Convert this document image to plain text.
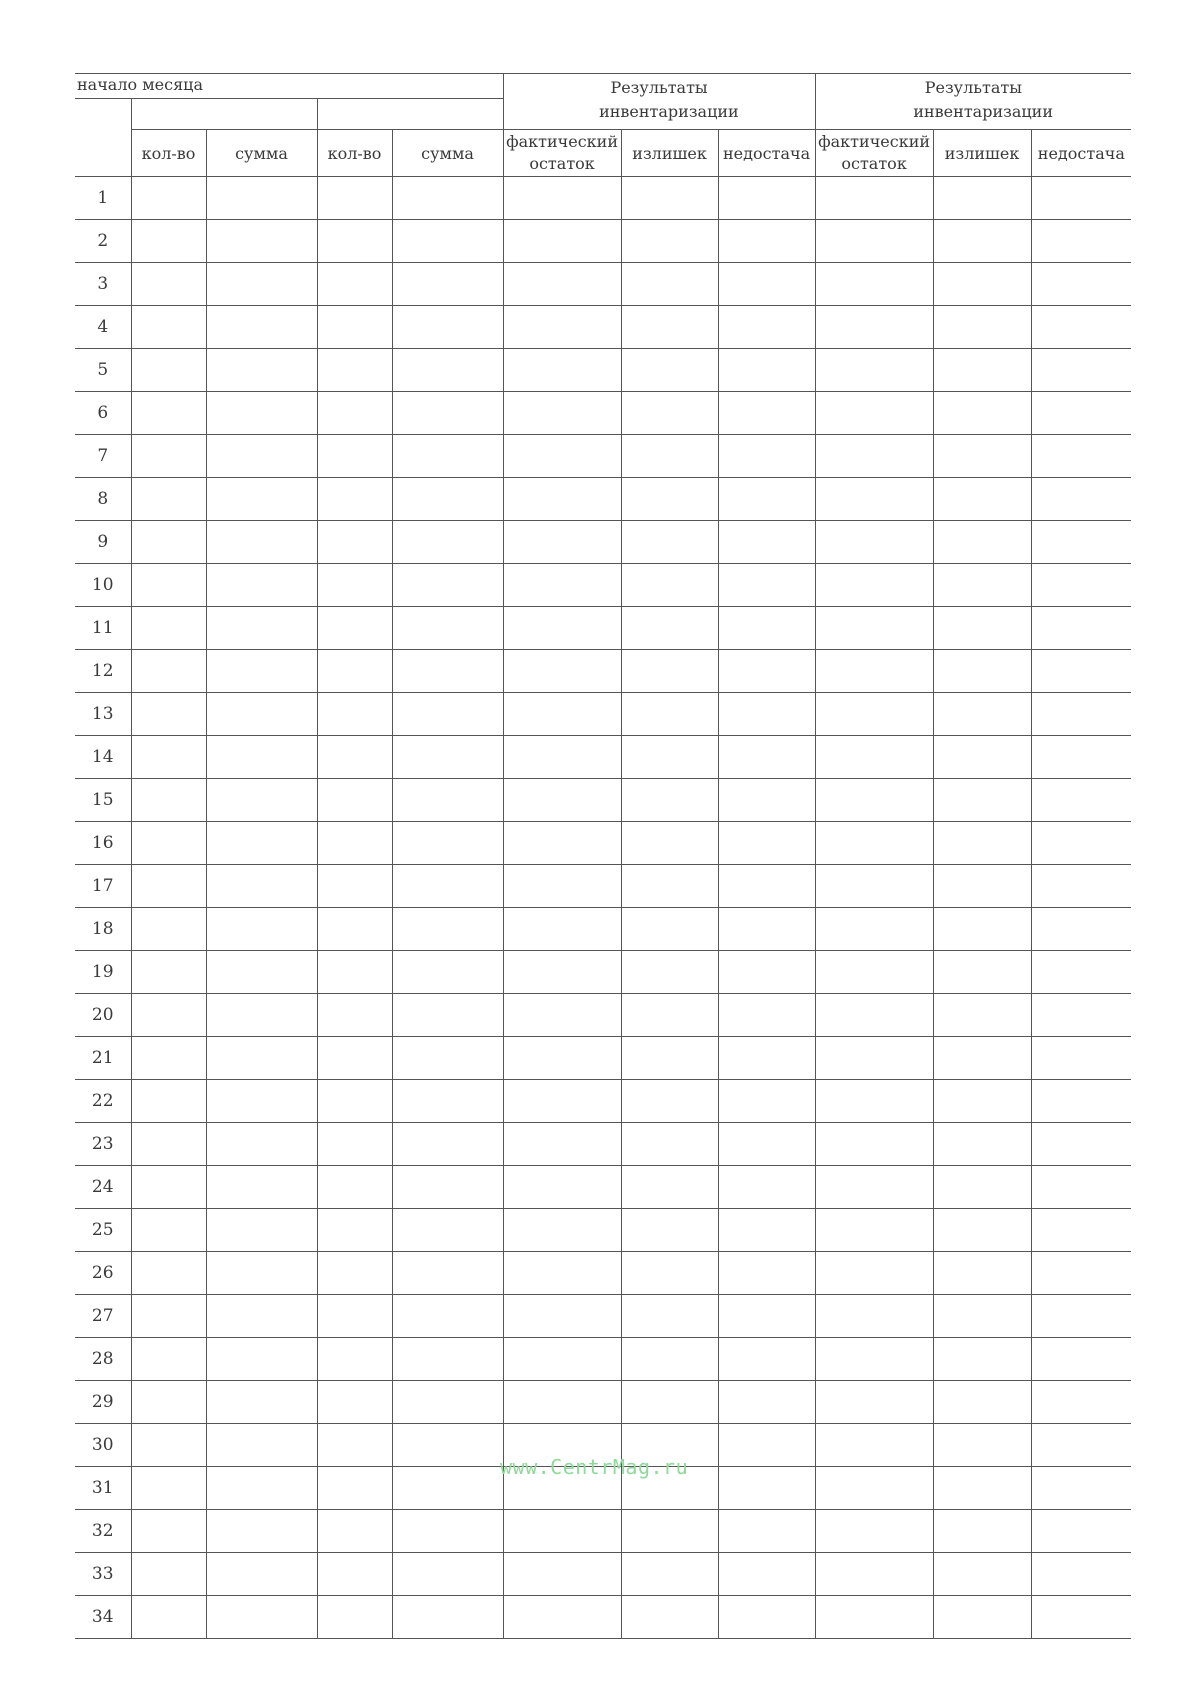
начало месяца					Результаты инвентаризации			Результаты инвентаризации		

	кол-во	сумма	кол-во	сумма	фактический остаток	излишек	недостача	фактический остаток	излишек	недостача
1										
2										
3										
4										
5										
6										
7										
8										
9										
10										
11										
12										
13										
14										
15										
16										
17										
18										
19										
20										
21										
22										
23										
24										
25										
26										
27										
28										
29										
30										
31										
32										
33										
34										
www.CentrMag.ru
